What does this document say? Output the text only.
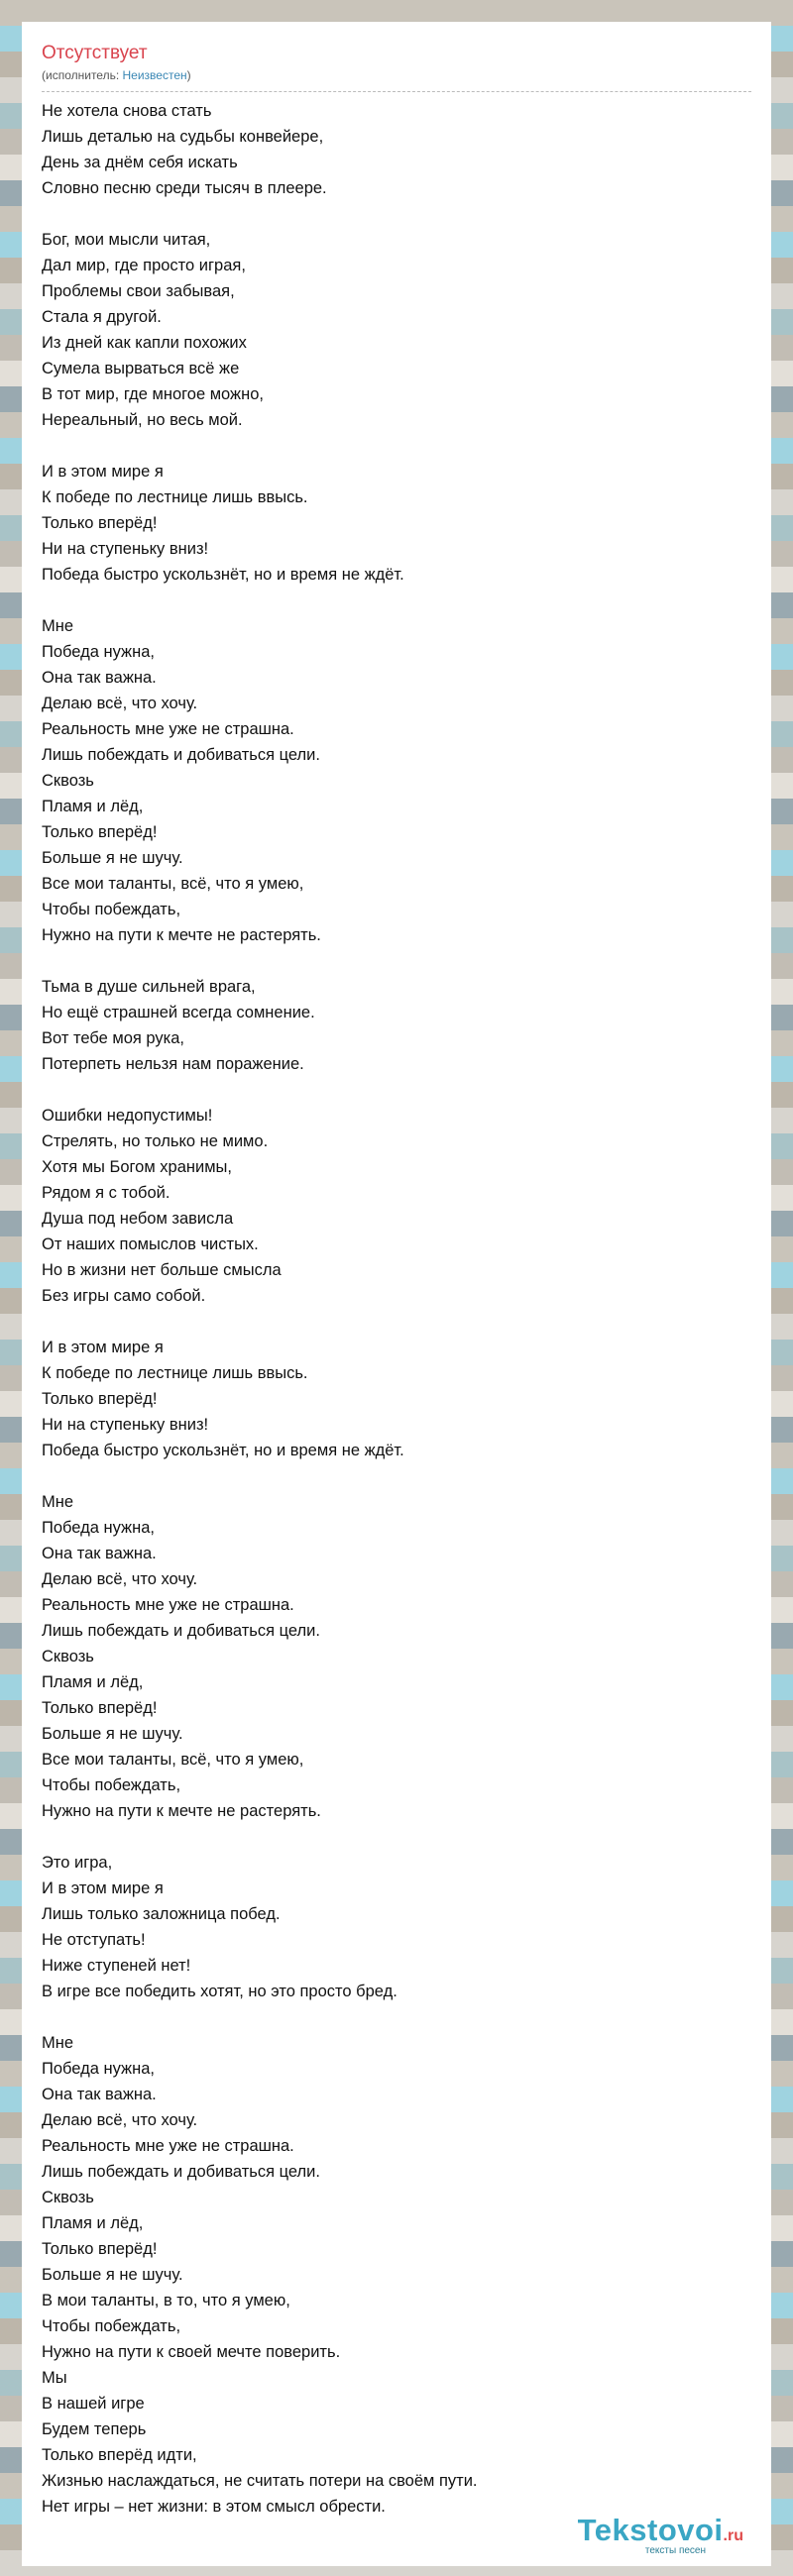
Отсутствует
(исполнитель: Неизвестен)
Не хотела снова стать
Лишь деталью на судьбы конвейере,
День за днём себя искать
Словно песню среди тысяч в плеере.
Бог, мои мысли читая,
Дал мир, где просто играя,
Проблемы свои забывая,
Стала я другой.
Из дней как капли похожих
Сумела вырваться всё же
В тот мир, где многое можно,
Нереальный, но весь мой.
И в этом мире я
К победе по лестнице лишь ввысь.
Только вперёд!
Ни на ступеньку вниз!
Победа быстро ускользнёт, но и время не ждёт.
Мне
Победа нужна,
Она так важна.
Делаю всё, что хочу.
Реальность мне уже не страшна.
Лишь побеждать и добиваться цели.
Сквозь
Пламя и лёд,
Только вперёд!
Больше я не шучу.
Все мои таланты, всё, что я умею,
Чтобы побеждать,
Нужно на пути к мечте не растерять.
Тьма в душе сильней врага,
Но ещё страшней всегда сомнение.
Вот тебе моя рука,
Потерпеть нельзя нам поражение.
Ошибки недопустимы!
Стрелять, но только не мимо.
Хотя мы Богом хранимы,
Рядом я с тобой.
Душа под небом зависла
От наших помыслов чистых.
Но в жизни нет больше смысла
Без игры само собой.
И в этом мире я
К победе по лестнице лишь ввысь.
Только вперёд!
Ни на ступеньку вниз!
Победа быстро ускользнёт, но и время не ждёт.
Мне
Победа нужна,
Она так важна.
Делаю всё, что хочу.
Реальность мне уже не страшна.
Лишь побеждать и добиваться цели.
Сквозь
Пламя и лёд,
Только вперёд!
Больше я не шучу.
Все мои таланты, всё, что я умею,
Чтобы побеждать,
Нужно на пути к мечте не растерять.
Это игра,
И в этом мире я
Лишь только заложница побед.
Не отступать!
Ниже ступеней нет!
В игре все победить хотят, но это просто бред.
Мне
Победа нужна,
Она так важна.
Делаю всё, что хочу.
Реальность мне уже не страшна.
Лишь побеждать и добиваться цели.
Сквозь
Пламя и лёд,
Только вперёд!
Больше я не шучу.
В мои таланты, в то, что я умею,
Чтобы побеждать,
Нужно на пути к своей мечте поверить.
Мы
В нашей игре
Будем теперь
Только вперёд идти,
Жизнью наслаждаться, не считать потери на своём пути.
Нет игры – нет жизни: в этом смысл обрести.
Tekstovoi.ru
тексты песен
